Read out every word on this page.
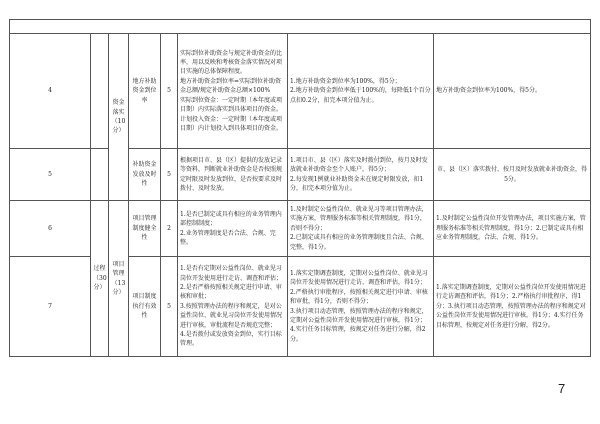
4		资金落实（10分）	地方补助资金到位率	5	实际到位补助资金与规定补助资金的比率，用以反映和考核资金落实情况对项目实施的总体保障程度。
地方补助资金到位率=实际到位补助资金总额/规定补助资金总额×100%
实际到位资金：一定时期（本年度或项目期）内实际落实到具体项目的资金。
计划投入资金：一定时期（本年度或项目期）内计划投入到具体项目的资金。	1.地方补助资金到位率为100%，得5分；
2.地方补助资金到位率低于100%的，每降低1个百分点扣0.2分，扣完本项分值为止。	地方补助资金到位率为100%，得5分。
5			补助资金发放及时性	5	根据项目市、县（区）提供的发放记录等资料，判断就业补助资金是否按照规定时限及时发放到位，是否按要求及时拨付、及时发放。	1.项目市、县（区）落实及时拨付到位，按月及时发放就业补助资金至个人账户，得5分；
2.每发现1例就业补助资金未在规定时限发放，扣1分，扣完本项分值为止。	市、县（区）落实拨付、按月及时发放就业补助资金，得5分。
6	过程（30分）	项目管理（13分）	项目管理制度健全性	2	1.是否已制定或具有相应的业务管理内部控制制度；
2.业务管理制度是否合法、合规、完整。	1.及时制定公益性岗位、就业见习等项目管理办法，实施方案，管理服务标准等相关管理制度，得1分，否则不得分；
2.已制定或具有相应的业务管理制度且合法、合规、完整，得1分。	1.及时制定公益性岗位开发管理办法，项目实施方案，管理服务标准等相关管理制度，得1分；2.已制定或具有相应业务管理制度，合法、合规、得1分。
7			项目制度执行有效性	5	1.是否有定期对公益性岗位、就业见习岗位开发使用进行走访、调查和评估；
2.是否严格按照相关规定进行申请、审核和审批；
3.按照管理办法的程序和规定，是对公益性岗位、就业见习岗位开发使用情况进行审核，审批流程是否规范完整；
4.是否拨付或发放资金到位，实行目标管理。	1.落实定期调查制度，定期对公益性岗位、就业见习岗位开发使用情况进行走访、调查和评估，得1分；
2.严格执行审批程序，按照相关规定进行申请、审核和审批，得1分，否则不得分；
3.执行项目动态管理，按照管理办法的程序和规定，定期对公益性岗位开发使用情况进行审核，得1分；
4.实行任务目标管理，按规定对任务进行分解，得2分。	1.落实定期调查制度，定期对公益性岗位开发使用情况进行走访调查和评估，得1分；2.严格执行审批程序，得1分；3.执行项目动态管理，按照管理办法的程序和规定对公益性岗位开发使用情况进行审核，得1分；4.实行任务目标管理，按规定对任务进行分解，得2分。
7
